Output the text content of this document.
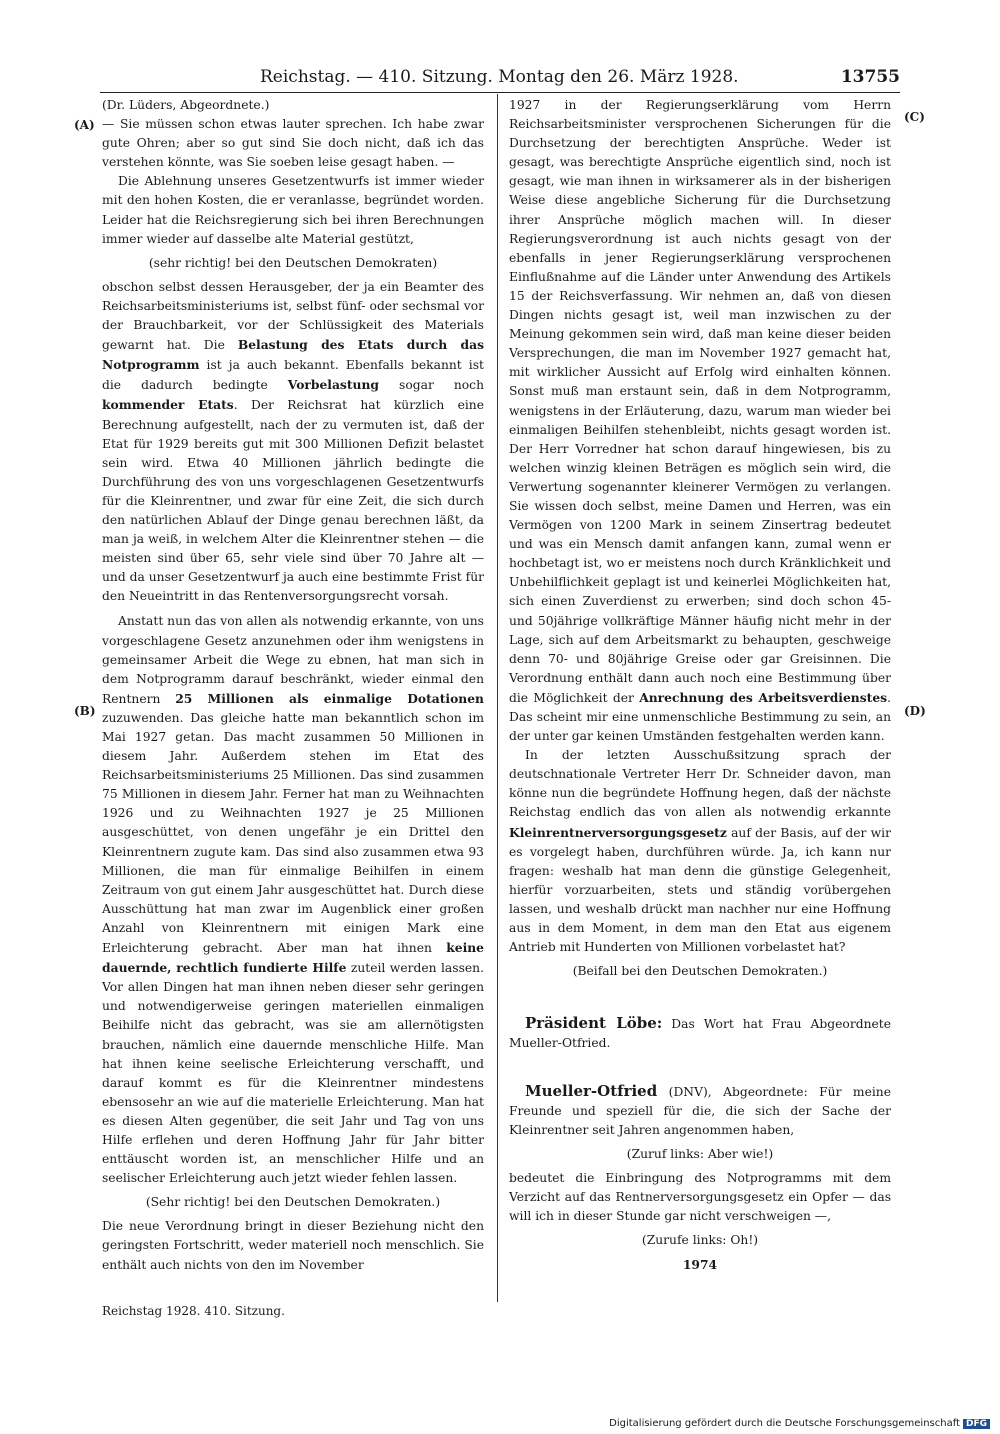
Reichstag. — 410. Sitzung. Montag den 26. März 1928.	13755
(A)
(B)
(C)
(D)

(Dr. Lüders, Abgeordnete.)

— Sie müssen schon etwas lauter sprechen. Ich habe zwar gute Ohren; aber so gut sind Sie doch nicht, daß ich das verstehen könnte, was Sie soeben leise gesagt haben. —

Die Ablehnung unseres Gesetzentwurfs ist immer wieder mit den hohen Kosten, die er veranlasse, begründet worden. Leider hat die Reichsregierung sich bei ihren Berechnungen immer wieder auf dasselbe alte Material gestützt,

(sehr richtig! bei den Deutschen Demokraten)

obschon selbst dessen Herausgeber, der ja ein Beamter des Reichsarbeitsministeriums ist, selbst fünf- oder sechsmal vor der Brauchbarkeit, vor der Schlüssigkeit des Materials gewarnt hat. Die Belastung des Etats durch das Notprogramm ist ja auch bekannt. Ebenfalls bekannt ist die dadurch bedingte Vorbelastung sogar noch kommender Etats. Der Reichsrat hat kürzlich eine Berechnung aufgestellt, nach der zu vermuten ist, daß der Etat für 1929 bereits gut mit 300 Millionen Defizit belastet sein wird. Etwa 40 Millionen jährlich bedingte die Durchführung des von uns vorgeschlagenen Gesetzentwurfs für die Kleinrentner, und zwar für eine Zeit, die sich durch den natürlichen Ablauf der Dinge genau berechnen läßt, da man ja weiß, in welchem Alter die Kleinrentner stehen — die meisten sind über 65, sehr viele sind über 70 Jahre alt — und da unser Gesetzentwurf ja auch eine bestimmte Frist für den Neueintritt in das Rentenversorgungsrecht vorsah.

Anstatt nun das von allen als notwendig erkannte, von uns vorgeschlagene Gesetz anzunehmen oder ihm wenigstens in gemeinsamer Arbeit die Wege zu ebnen, hat man sich in dem Notprogramm darauf beschränkt, wieder einmal den Rentnern 25 Millionen als einmalige Dotationen zuzuwenden. Das gleiche hatte man bekanntlich schon im Mai 1927 getan. Das macht zusammen 50 Millionen in diesem Jahr. Außerdem stehen im Etat des Reichsarbeitsministeriums 25 Millionen. Das sind zusammen 75 Millionen in diesem Jahr. Ferner hat man zu Weihnachten 1926 und zu Weihnachten 1927 je 25 Millionen ausgeschüttet, von denen ungefähr je ein Drittel den Kleinrentnern zugute kam. Das sind also zusammen etwa 93 Millionen, die man für einmalige Beihilfen in einem Zeitraum von gut einem Jahr ausgeschüttet hat. Durch diese Ausschüttung hat man zwar im Augenblick einer großen Anzahl von Kleinrentnern mit einigen Mark eine Erleichterung gebracht. Aber man hat ihnen keine dauernde, rechtlich fundierte Hilfe zuteil werden lassen. Vor allen Dingen hat man ihnen neben dieser sehr geringen und notwendigerweise geringen materiellen einmaligen Beihilfe nicht das gebracht, was sie am allernötigsten brauchen, nämlich eine dauernde menschliche Hilfe. Man hat ihnen keine seelische Erleichterung verschafft, und darauf kommt es für die Kleinrentner mindestens ebensosehr an wie auf die materielle Erleichterung. Man hat es diesen Alten gegenüber, die seit Jahr und Tag von uns Hilfe erflehen und deren Hoffnung Jahr für Jahr bitter enttäuscht worden ist, an menschlicher Hilfe und an seelischer Erleichterung auch jetzt wieder fehlen lassen.

(Sehr richtig! bei den Deutschen Demokraten.)

Die neue Verordnung bringt in dieser Beziehung nicht den geringsten Fortschritt, weder materiell noch menschlich. Sie enthält auch nichts von den im November

1927 in der Regierungserklärung vom Herrn Reichsarbeitsminister versprochenen Sicherungen für die Durchsetzung der berechtigten Ansprüche. Weder ist gesagt, was berechtigte Ansprüche eigentlich sind, noch ist gesagt, wie man ihnen in wirksamerer als in der bisherigen Weise diese angebliche Sicherung für die Durchsetzung ihrer Ansprüche möglich machen will. In dieser Regierungsverordnung ist auch nichts gesagt von der ebenfalls in jener Regierungserklärung versprochenen Einflußnahme auf die Länder unter Anwendung des Artikels 15 der Reichsverfassung. Wir nehmen an, daß von diesen Dingen nichts gesagt ist, weil man inzwischen zu der Meinung gekommen sein wird, daß man keine dieser beiden Versprechungen, die man im November 1927 gemacht hat, mit wirklicher Aussicht auf Erfolg wird einhalten können. Sonst muß man erstaunt sein, daß in dem Notprogramm, wenigstens in der Erläuterung, dazu, warum man wieder bei einmaligen Beihilfen stehenbleibt, nichts gesagt worden ist. Der Herr Vorredner hat schon darauf hingewiesen, bis zu welchen winzig kleinen Beträgen es möglich sein wird, die Verwertung sogenannter kleinerer Vermögen zu verlangen. Sie wissen doch selbst, meine Damen und Herren, was ein Vermögen von 1200 Mark in seinem Zinsertrag bedeutet und was ein Mensch damit anfangen kann, zumal wenn er hochbetagt ist, wo er meistens noch durch Kränklichkeit und Unbehilflichkeit geplagt ist und keinerlei Möglichkeiten hat, sich einen Zuverdienst zu erwerben; sind doch schon 45- und 50jährige vollkräftige Männer häufig nicht mehr in der Lage, sich auf dem Arbeitsmarkt zu behaupten, geschweige denn 70- und 80jährige Greise oder gar Greisinnen. Die Verordnung enthält dann auch noch eine Bestimmung über die Möglichkeit der Anrechnung des Arbeitsverdienstes. Das scheint mir eine unmenschliche Bestimmung zu sein, an der unter gar keinen Umständen festgehalten werden kann.

In der letzten Ausschußsitzung sprach der deutschnationale Vertreter Herr Dr. Schneider davon, man könne nun die begründete Hoffnung hegen, daß der nächste Reichstag endlich das von allen als notwendig erkannte Kleinrentnerversorgungsgesetz auf der Basis, auf der wir es vorgelegt haben, durchführen würde. Ja, ich kann nur fragen: weshalb hat man denn die günstige Gelegenheit, hierfür vorzuarbeiten, stets und ständig vorübergehen lassen, und weshalb drückt man nachher nur eine Hoffnung aus in dem Moment, in dem man den Etat aus eigenem Antrieb mit Hunderten von Millionen vorbelastet hat?

(Beifall bei den Deutschen Demokraten.)

Präsident Löbe: Das Wort hat Frau Abgeordnete Mueller-Otfried.

Mueller-Otfried (DNV), Abgeordnete: Für meine Freunde und speziell für die, die sich der Sache der Kleinrentner seit Jahren angenommen haben,

(Zuruf links: Aber wie!)

bedeutet die Einbringung des Notprogramms mit dem Verzicht auf das Rentnerversorgungsgesetz ein Opfer — das will ich in dieser Stunde gar nicht verschweigen —,

(Zurufe links: Oh!)

1974

Reichstag 1928. 410. Sitzung.
Digitalisierung gefördert durch die Deutsche Forschungsgemeinschaft DFG
